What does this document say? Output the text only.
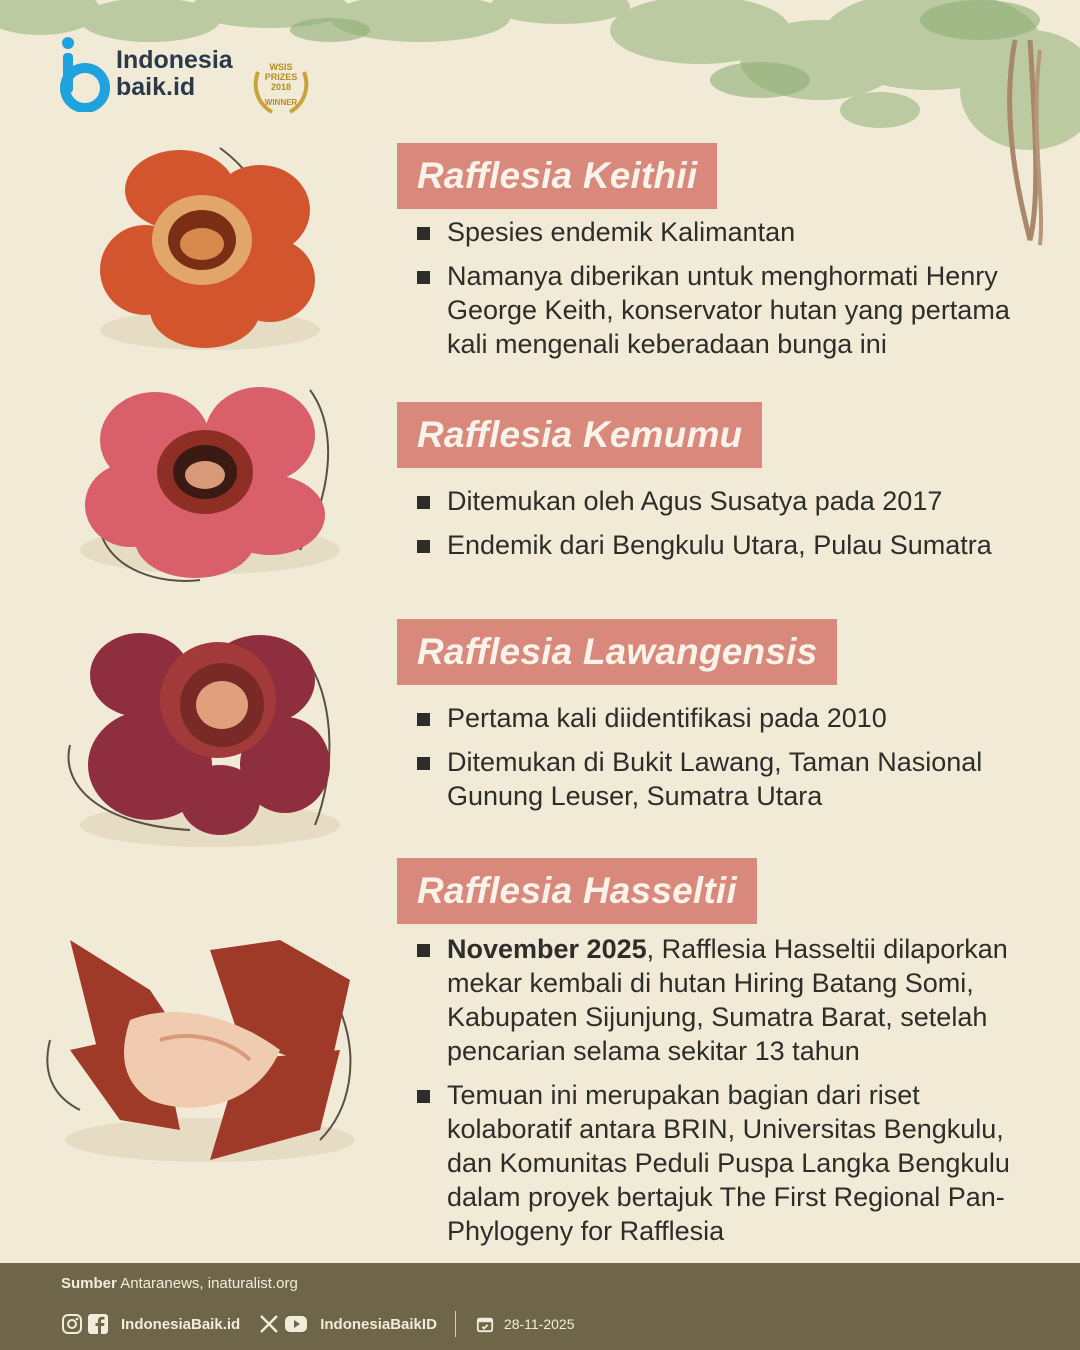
Indonesia
baik.id
WSIS
PRIZES
2018
WINNER
Rafflesia Keithii
Spesies endemik Kalimantan
Namanya diberikan untuk menghormati Henry George Keith, konservator hutan yang pertama kali mengenali keberadaan bunga ini
Rafflesia Kemumu
Ditemukan oleh Agus Susatya pada 2017
Endemik dari Bengkulu Utara, Pulau Sumatra
Rafflesia Lawangensis
Pertama kali diidentifikasi pada 2010
Ditemukan di Bukit Lawang, Taman Nasional Gunung Leuser, Sumatra Utara
Rafflesia Hasseltii
November 2025, Rafflesia Hasseltii dilaporkan mekar kembali di hutan Hiring Batang Somi, Kabupaten Sijunjung, Sumatra Barat, setelah pencarian selama sekitar 13 tahun
Temuan ini merupakan bagian dari riset kolaboratif antara BRIN, Universitas Bengkulu, dan Komunitas Peduli Puspa Langka Bengkulu dalam proyek bertajuk The First Regional Pan-Phylogeny for Rafflesia
Sumber Antaranews, inaturalist.org
IndonesiaBaik.id	IndonesiaBaikID	28-11-2025
